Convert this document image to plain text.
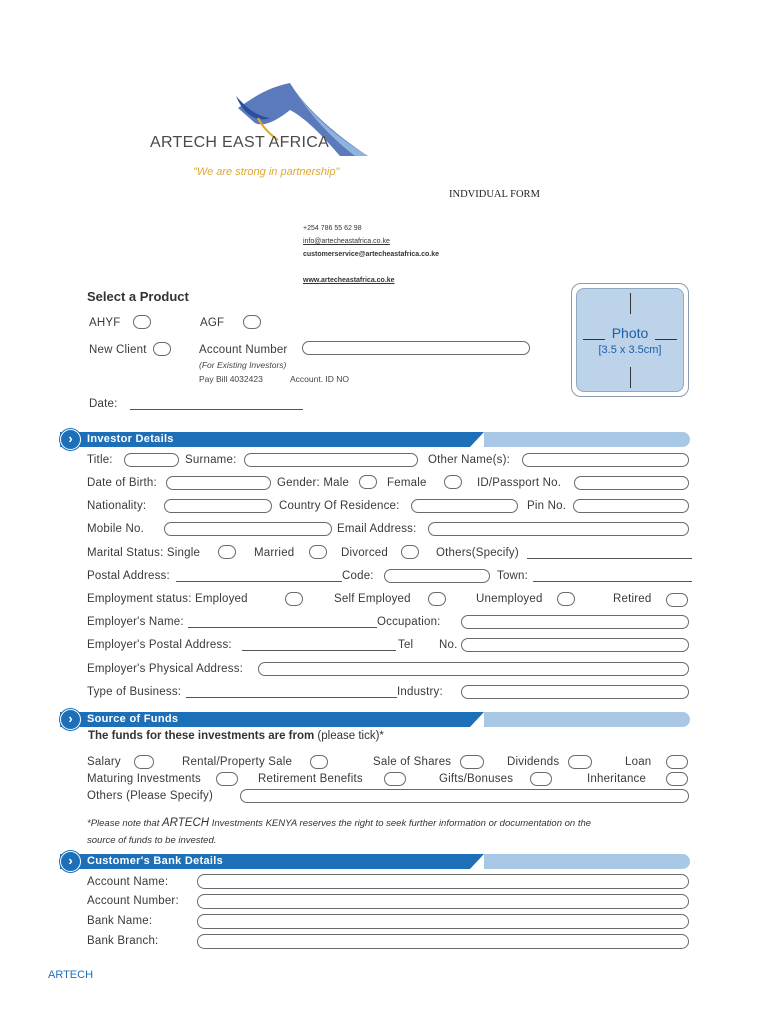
ARTECH EAST AFRICA
"We are strong in partnership"
INDVIDUAL FORM
+254 786 55 62 98
info@artecheastafrica.co.ke
customerservice@artecheastafrica.co.ke
www.artecheastafrica.co.ke
Select a Product
AHYF	AGF
New Client	Account Number
(For Existing Investors)
Pay Bill 4032423	Account. ID NO
Date:
Photo
[3.5 x 3.5cm]
›	Investor Details
Title:	Surname:	Other Name(s):
Date of Birth:	Gender: Male	Female	ID/Passport No.
Nationality:	Country Of Residence:	Pin No.
Mobile No.	Email Address:
Marital Status: Single	Married	Divorced	Others(Specify)
Postal Address:	Code:	Town:
Employment status: Employed	Self Employed	Unemployed	Retired
Employer's Name:	Occupation:
Employer's Postal Address:	Tel No.
Employer's Physical Address:
Type of Business:	Industry:
›	Source of Funds
The funds for these investments are from (please tick)*
Salary	Rental/Property Sale	Sale of Shares	Dividends	Loan
Maturing Investments	Retirement Benefits	Gifts/Bonuses	Inheritance
Others (Please Specify)
*Please note that ARTECH Investments KENYA reserves the right to seek further information or documentation on the
source of funds to be invested.
›	Customer's Bank Details
Account Name:
Account Number:
Bank Name:
Bank Branch:
ARTECH
